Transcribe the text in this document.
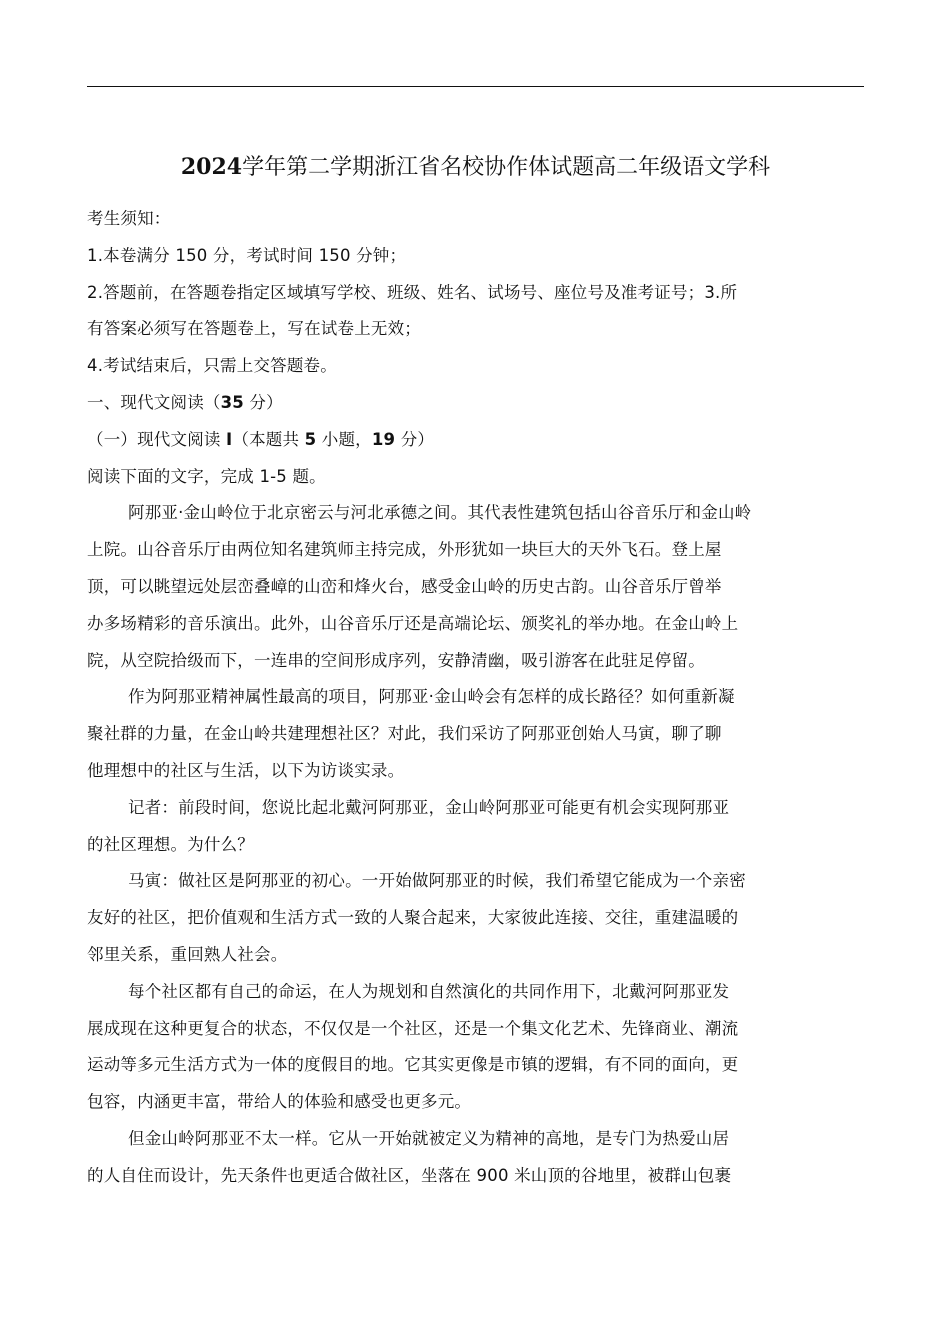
2024学年第二学期浙江省名校协作体试题高二年级语文学科
考生须知：
1.本卷满分 150 分，考试时间 150 分钟；
2.答题前，在答题卷指定区域填写学校、班级、姓名、试场号、座位号及准考证号；3.所
有答案必须写在答题卷上，写在试卷上无效；
4.考试结束后，只需上交答题卷。
一、现代文阅读（35 分）
（一）现代文阅读 I（本题共 5 小题，19 分）
阅读下面的文字，完成 1-5 题。
阿那亚·金山岭位于北京密云与河北承德之间。其代表性建筑包括山谷音乐厅和金山岭
上院。山谷音乐厅由两位知名建筑师主持完成，外形犹如一块巨大的天外飞石。登上屋
顶，可以眺望远处层峦叠嶂的山峦和烽火台，感受金山岭的历史古韵。山谷音乐厅曾举
办多场精彩的音乐演出。此外，山谷音乐厅还是高端论坛、颁奖礼的举办地。在金山岭上
院，从空院拾级而下，一连串的空间形成序列，安静清幽，吸引游客在此驻足停留。
作为阿那亚精神属性最高的项目，阿那亚·金山岭会有怎样的成长路径？如何重新凝
聚社群的力量，在金山岭共建理想社区？对此，我们采访了阿那亚创始人马寅，聊了聊
他理想中的社区与生活，以下为访谈实录。
记者：前段时间，您说比起北戴河阿那亚，金山岭阿那亚可能更有机会实现阿那亚
的社区理想。为什么？
马寅：做社区是阿那亚的初心。一开始做阿那亚的时候，我们希望它能成为一个亲密
友好的社区，把价值观和生活方式一致的人聚合起来，大家彼此连接、交往，重建温暖的
邻里关系，重回熟人社会。
每个社区都有自己的命运，在人为规划和自然演化的共同作用下，北戴河阿那亚发
展成现在这种更复合的状态，不仅仅是一个社区，还是一个集文化艺术、先锋商业、潮流
运动等多元生活方式为一体的度假目的地。它其实更像是市镇的逻辑，有不同的面向，更
包容，内涵更丰富，带给人的体验和感受也更多元。
但金山岭阿那亚不太一样。它从一开始就被定义为精神的高地，是专门为热爱山居
的人自住而设计，先天条件也更适合做社区，坐落在 900 米山顶的谷地里，被群山包裹
